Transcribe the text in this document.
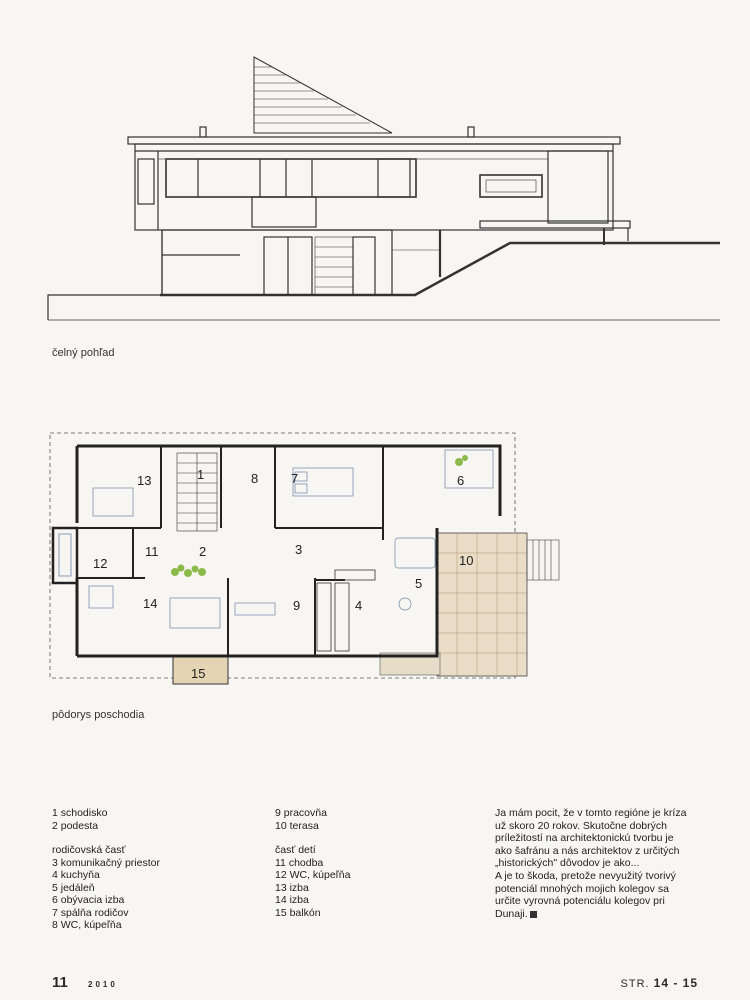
čelný pohľad
1
2	3
4
5
6
7
8
9
10
11
12
13
14
15
pôdorys poschodia
1 schodisko
2 podesta
rodičovská časť
3 komunikačný priestor
4 kuchyňa
5 jedáleň
6 obývacia izba
7 spálňa rodičov
8 WC, kúpeľňa
9 pracovňa
10 terasa
časť detí
11 chodba
12 WC, kúpeľňa
13 izba
14 izba
15 balkón
Ja mám pocit, že v tomto regióne je kríza
už skoro 20 rokov. Skutočne dobrých
príležitostí na architektonickú tvorbu je
ako šafránu a nás architektov z určitých
„historických" dôvodov je ako...
A je to škoda, pretože nevyužitý tvorivý
potenciál mnohých mojich kolegov sa
určite vyrovná potenciálu kolegov pri
Dunaji.
11	2010	STR. 14 - 15
